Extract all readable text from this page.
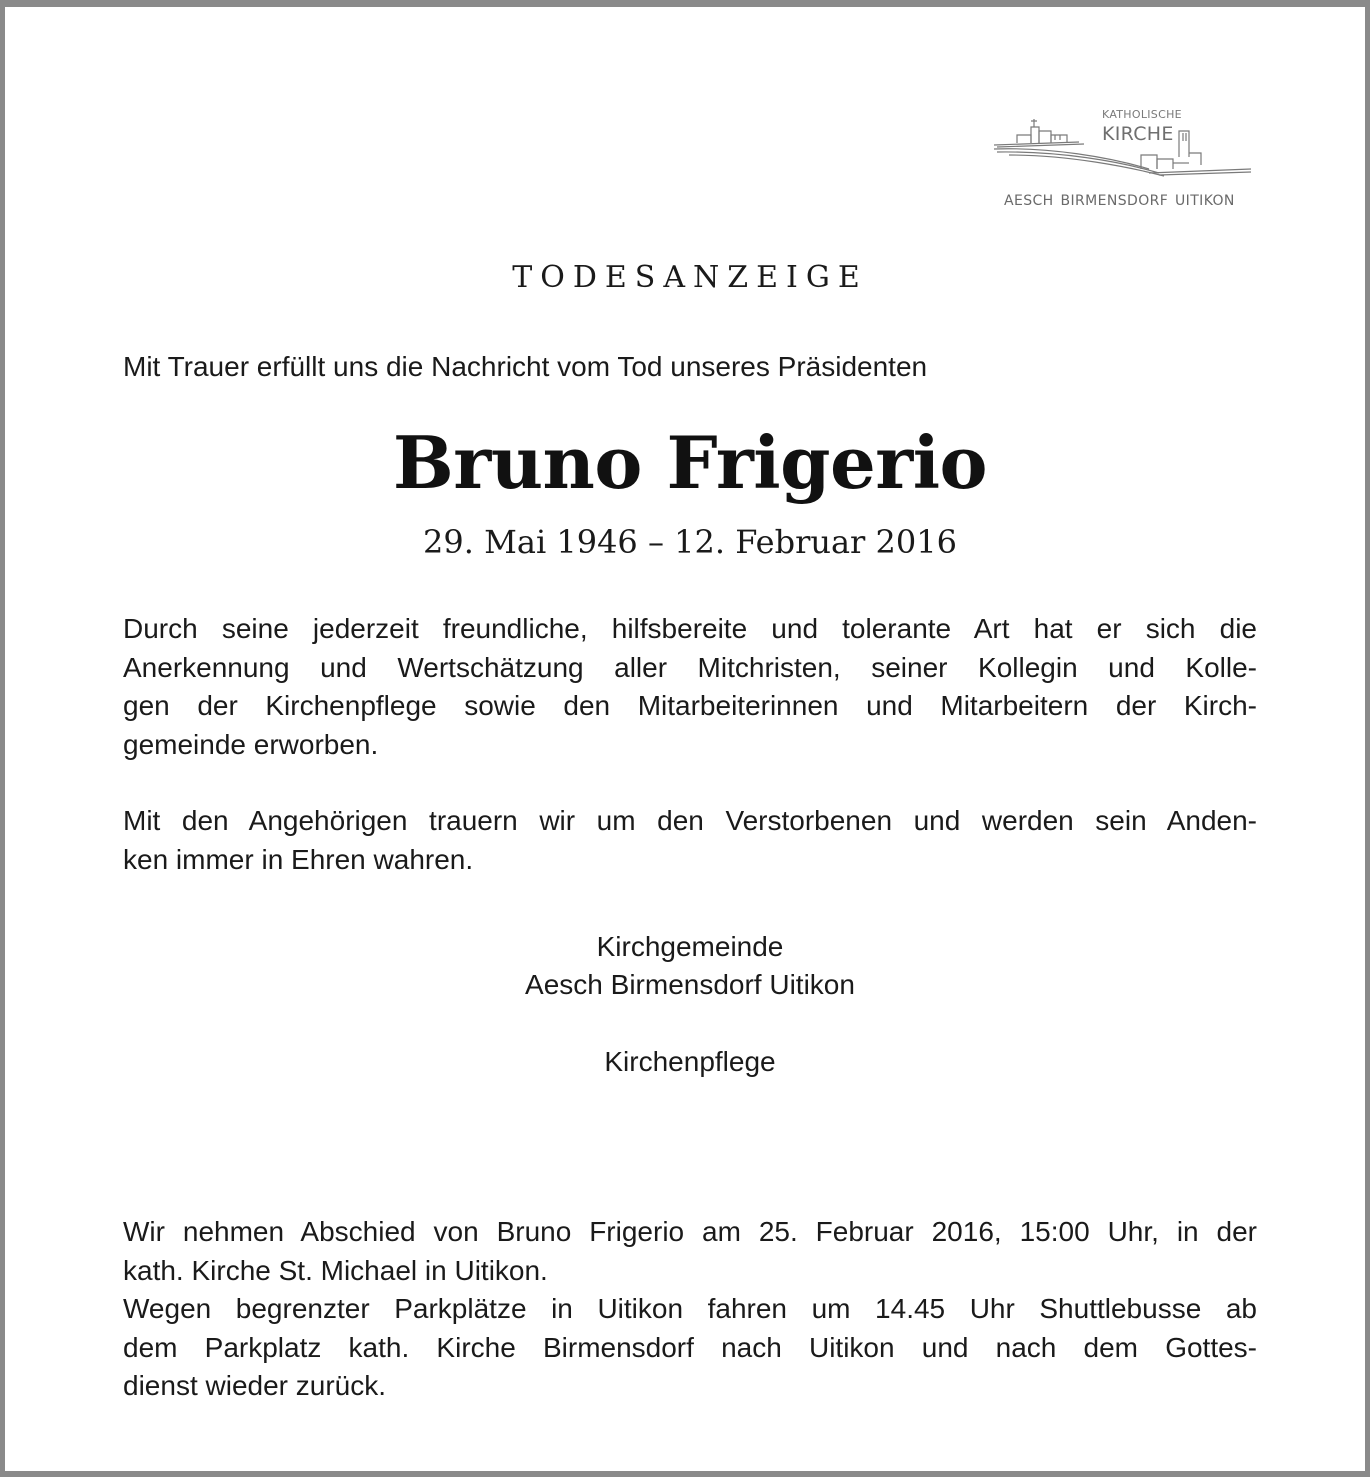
KATHOLISCHE
KIRCHE
AESCH BIRMENSDORF UITIKON
TODESANZEIGE
Mit Trauer erfüllt uns die Nachricht vom Tod unseres Präsidenten
Bruno Frigerio
29. Mai 1946 – 12. Februar 2016
Durch seine jederzeit freundliche, hilfsbereite und tolerante Art hat er sich die
Anerkennung und Wertschätzung aller Mitchristen, seiner Kollegin und Kolle-
gen der Kirchenpflege sowie den Mitarbeiterinnen und Mitarbeitern der Kirch-
gemeinde erworben.
Mit den Angehörigen trauern wir um den Verstorbenen und werden sein Anden-
ken immer in Ehren wahren.
Kirchgemeinde
Aesch Birmensdorf Uitikon
Kirchenpflege
Wir nehmen Abschied von Bruno Frigerio am 25. Februar 2016, 15:00 Uhr, in der
kath. Kirche St. Michael in Uitikon.
Wegen begrenzter Parkplätze in Uitikon fahren um 14.45 Uhr Shuttlebusse ab
dem Parkplatz kath. Kirche Birmensdorf nach Uitikon und nach dem Gottes-
dienst wieder zurück.
